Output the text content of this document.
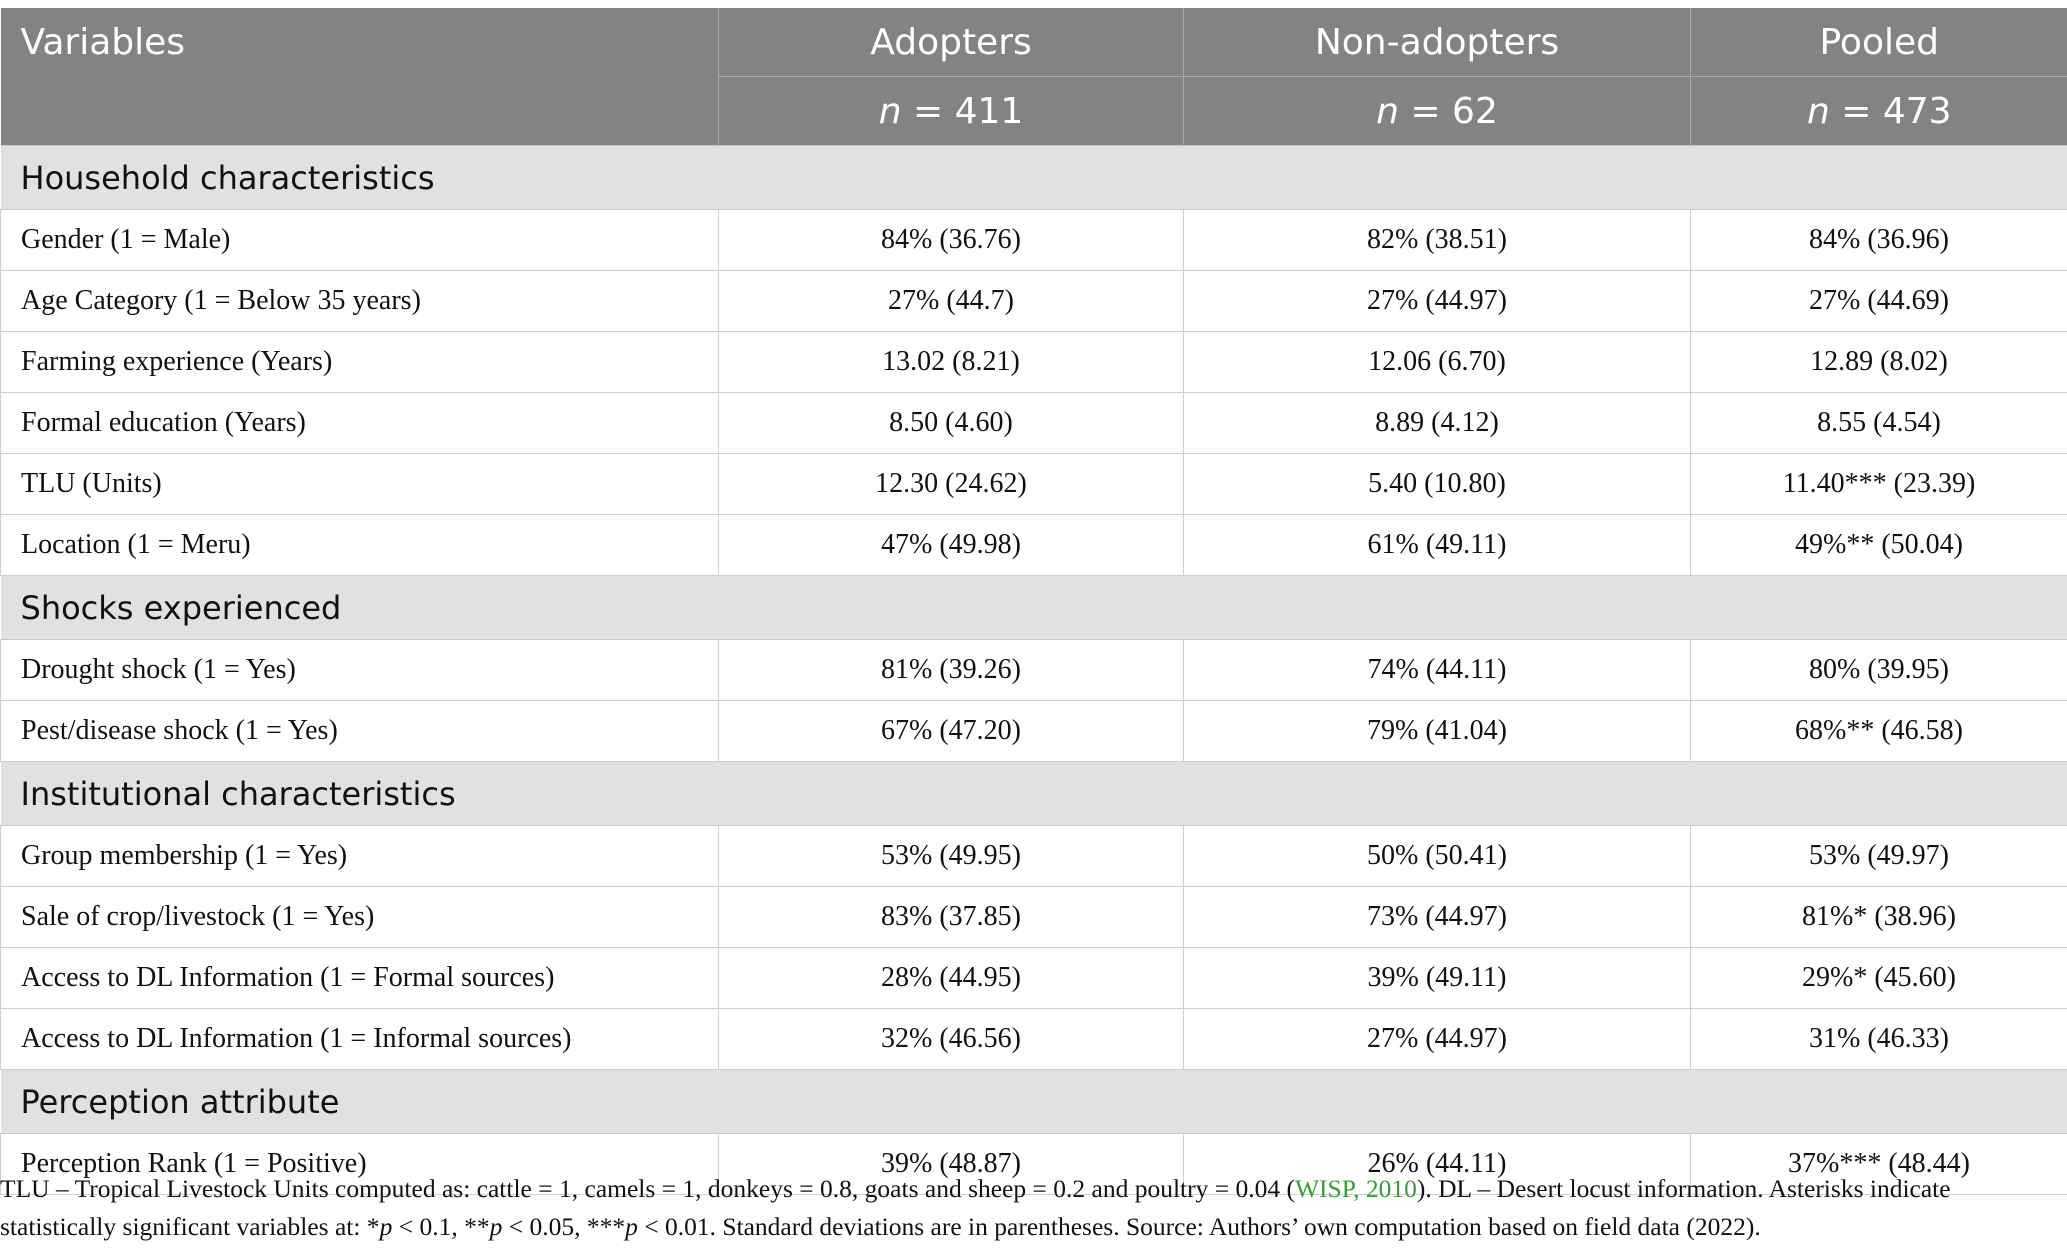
Variables	Adopters	Non-adopters	Pooled
	n = 411	n = 62	n = 473
Household characteristics			
Gender (1 = Male)	84% (36.76)	82% (38.51)	84% (36.96)
Age Category (1 = Below 35 years)	27% (44.7)	27% (44.97)	27% (44.69)
Farming experience (Years)	13.02 (8.21)	12.06 (6.70)	12.89 (8.02)
Formal education (Years)	8.50 (4.60)	8.89 (4.12)	8.55 (4.54)
TLU (Units)	12.30 (24.62)	5.40 (10.80)	11.40*** (23.39)
Location (1 = Meru)	47% (49.98)	61% (49.11)	49%** (50.04)
Shocks experienced			
Drought shock (1 = Yes)	81% (39.26)	74% (44.11)	80% (39.95)
Pest/disease shock (1 = Yes)	67% (47.20)	79% (41.04)	68%** (46.58)
Institutional characteristics			
Group membership (1 = Yes)	53% (49.95)	50% (50.41)	53% (49.97)
Sale of crop/livestock (1 = Yes)	83% (37.85)	73% (44.97)	81%* (38.96)
Access to DL Information (1 = Formal sources)	28% (44.95)	39% (49.11)	29%* (45.60)
Access to DL Information (1 = Informal sources)	32% (46.56)	27% (44.97)	31% (46.33)
Perception attribute			
Perception Rank (1 = Positive)	39% (48.87)	26% (44.11)	37%*** (48.44)
TLU – Tropical Livestock Units computed as: cattle = 1, camels = 1, donkeys = 0.8, goats and sheep = 0.2 and poultry = 0.04 (WISP, 2010). DL – Desert locust information. Asterisks indicate statistically significant variables at: *p < 0.1, **p < 0.05, ***p < 0.01. Standard deviations are in parentheses. Source: Authors’ own computation based on field data (2022).
